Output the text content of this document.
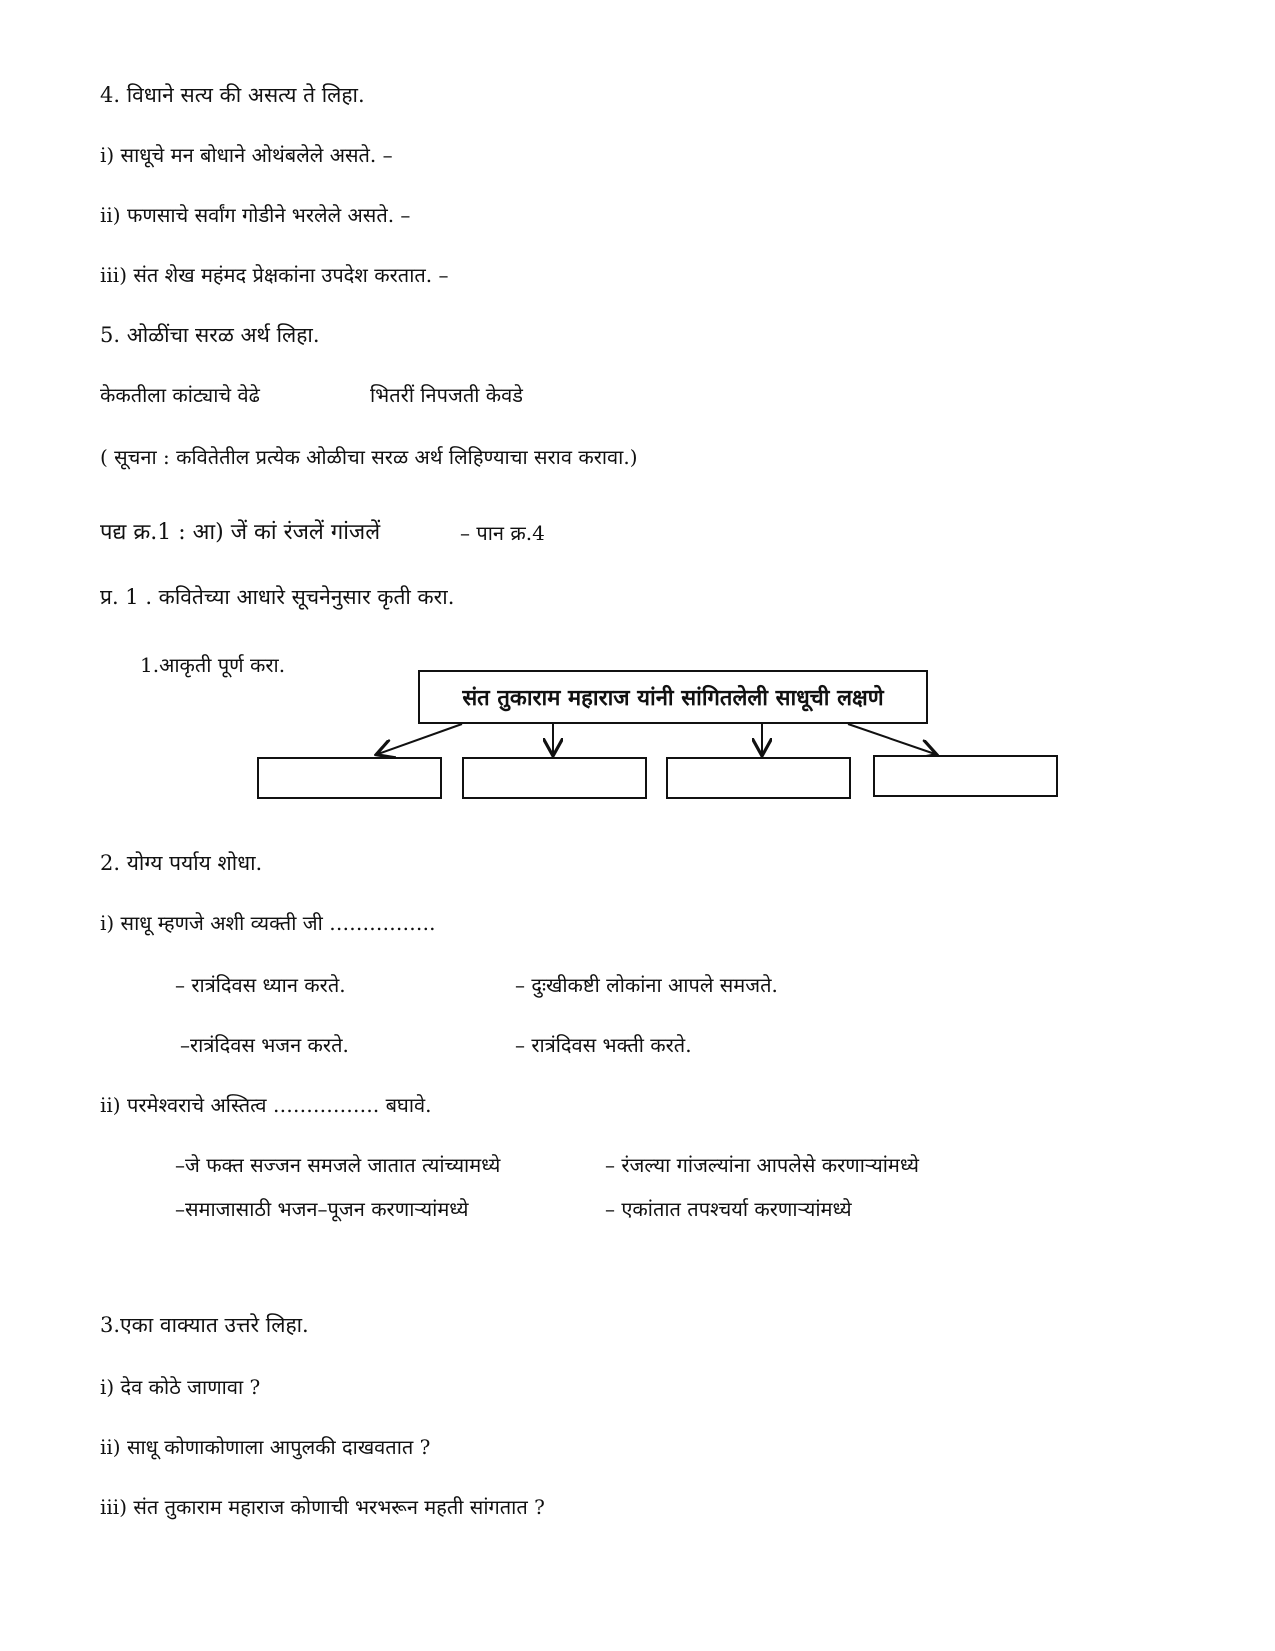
4. विधाने सत्य की असत्य ते लिहा.
i) साधूचे मन बोधाने ओथंबलेले असते. –
ii) फणसाचे सर्वांग गोडीने भरलेले असते. –
iii) संत शेख महंमद प्रेक्षकांना उपदेश करतात. –
5. ओळींचा सरळ अर्थ लिहा.
केकतीला कांट्याचे वेढे	भितरीं निपजती केवडे
( सूचना : कवितेतील प्रत्येक ओळीचा सरळ अर्थ लिहिण्याचा सराव करावा.)
पद्य क्र.1 : आ) जें कां रंजलें गांजलें	– पान क्र.4
प्र. 1 . कवितेच्या आधारे सूचनेनुसार कृती करा.
1.आकृती पूर्ण करा.
संत तुकाराम महाराज यांनी सांगितलेली साधूची लक्षणे
2. योग्य पर्याय शोधा.
i) साधू म्हणजे अशी व्यक्ती जी …………….
– रात्रंदिवस ध्यान करते.	– दुःखीकष्टी लोकांना आपले समजते.
–रात्रंदिवस भजन करते.	– रात्रंदिवस भक्ती करते.
ii) परमेश्वराचे अस्तित्व ……………. बघावे.
–जे फक्त सज्जन समजले जातात त्यांच्यामध्ये	– रंजल्या गांजल्यांना आपलेसे करणाऱ्यांमध्ये
–समाजासाठी भजन–पूजन करणाऱ्यांमध्ये	– एकांतात तपश्चर्या करणाऱ्यांमध्ये
3.एका वाक्यात उत्तरे लिहा.
i) देव कोठे जाणावा ?
ii) साधू कोणाकोणाला आपुलकी दाखवतात ?
iii) संत तुकाराम महाराज कोणाची भरभरून महती सांगतात ?
